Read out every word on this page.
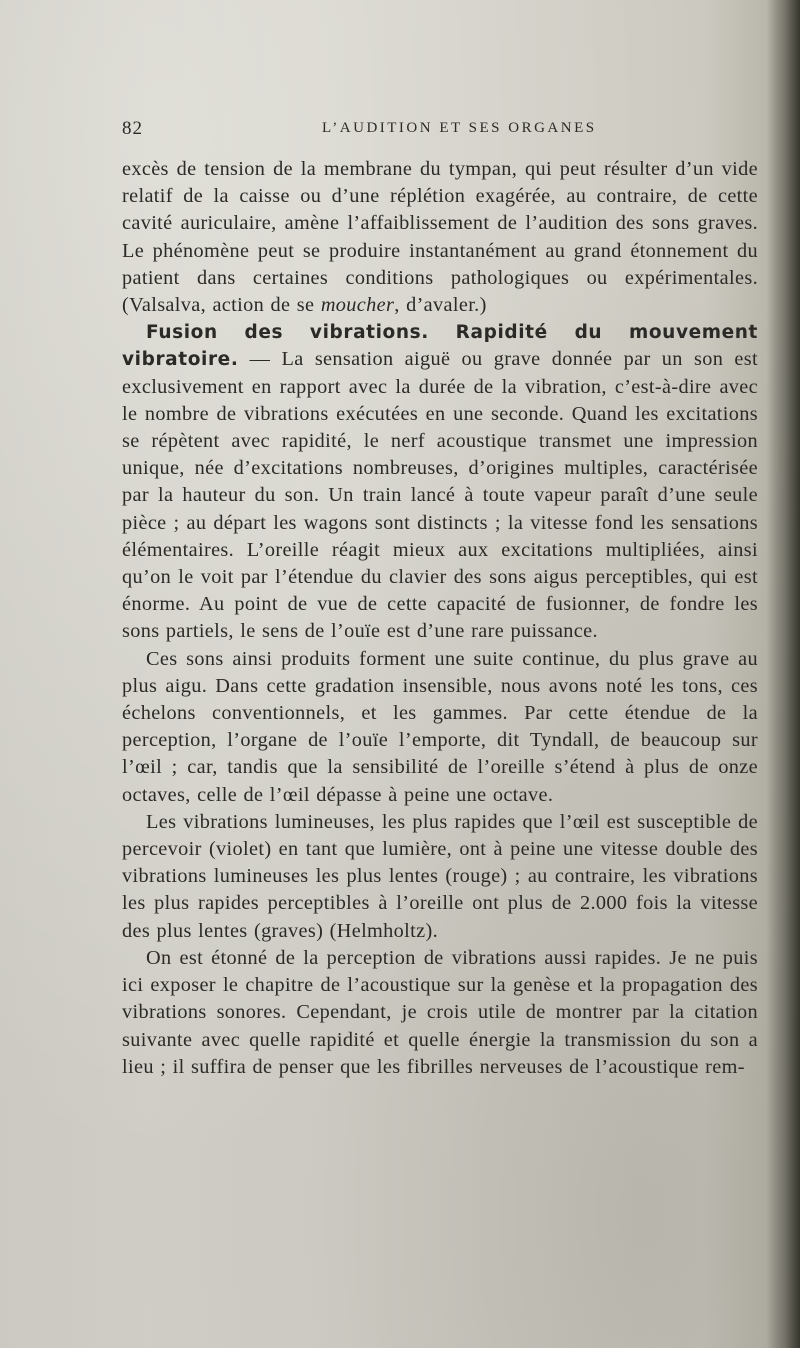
82	L’AUDITION ET SES ORGANES

excès de tension de la membrane du tympan, qui peut résulter d’un vide relatif de la caisse ou d’une réplétion exagérée, au contraire, de cette cavité auriculaire, amène l’affaiblissement de l’audition des sons graves. Le phénomène peut se produire instantanément au grand étonnement du patient dans certaines conditions pathologiques ou expérimentales. (Valsalva, action de se moucher, d’avaler.)

Fusion des vibrations. Rapidité du mouvement vibratoire. — La sensation aiguë ou grave donnée par un son est exclusivement en rapport avec la durée de la vibration, c’est-à-dire avec le nombre de vibrations exécutées en une seconde. Quand les excitations se répètent avec rapidité, le nerf acoustique transmet une impression unique, née d’excitations nombreuses, d’origines multiples, caractérisée par la hauteur du son. Un train lancé à toute vapeur paraît d’une seule pièce ; au départ les wagons sont distincts ; la vitesse fond les sensations élémentaires. L’oreille réagit mieux aux excitations multipliées, ainsi qu’on le voit par l’étendue du clavier des sons aigus perceptibles, qui est énorme. Au point de vue de cette capacité de fusionner, de fondre les sons partiels, le sens de l’ouïe est d’une rare puissance.

Ces sons ainsi produits forment une suite continue, du plus grave au plus aigu. Dans cette gradation insensible, nous avons noté les tons, ces échelons conventionnels, et les gammes. Par cette étendue de la perception, l’organe de l’ouïe l’emporte, dit Tyndall, de beaucoup sur l’œil ; car, tandis que la sensibilité de l’oreille s’étend à plus de onze octaves, celle de l’œil dépasse à peine une octave.

Les vibrations lumineuses, les plus rapides que l’œil est susceptible de percevoir (violet) en tant que lumière, ont à peine une vitesse double des vibrations lumineuses les plus lentes (rouge) ; au contraire, les vibrations les plus rapides perceptibles à l’oreille ont plus de 2.000 fois la vitesse des plus lentes (graves) (Helmholtz).

On est étonné de la perception de vibrations aussi rapides. Je ne puis ici exposer le chapitre de l’acoustique sur la genèse et la propagation des vibrations sonores. Cependant, je crois utile de montrer par la citation suivante avec quelle rapidité et quelle énergie la transmission du son a lieu ; il suffira de penser que les fibrilles nerveuses de l’acoustique rem-
